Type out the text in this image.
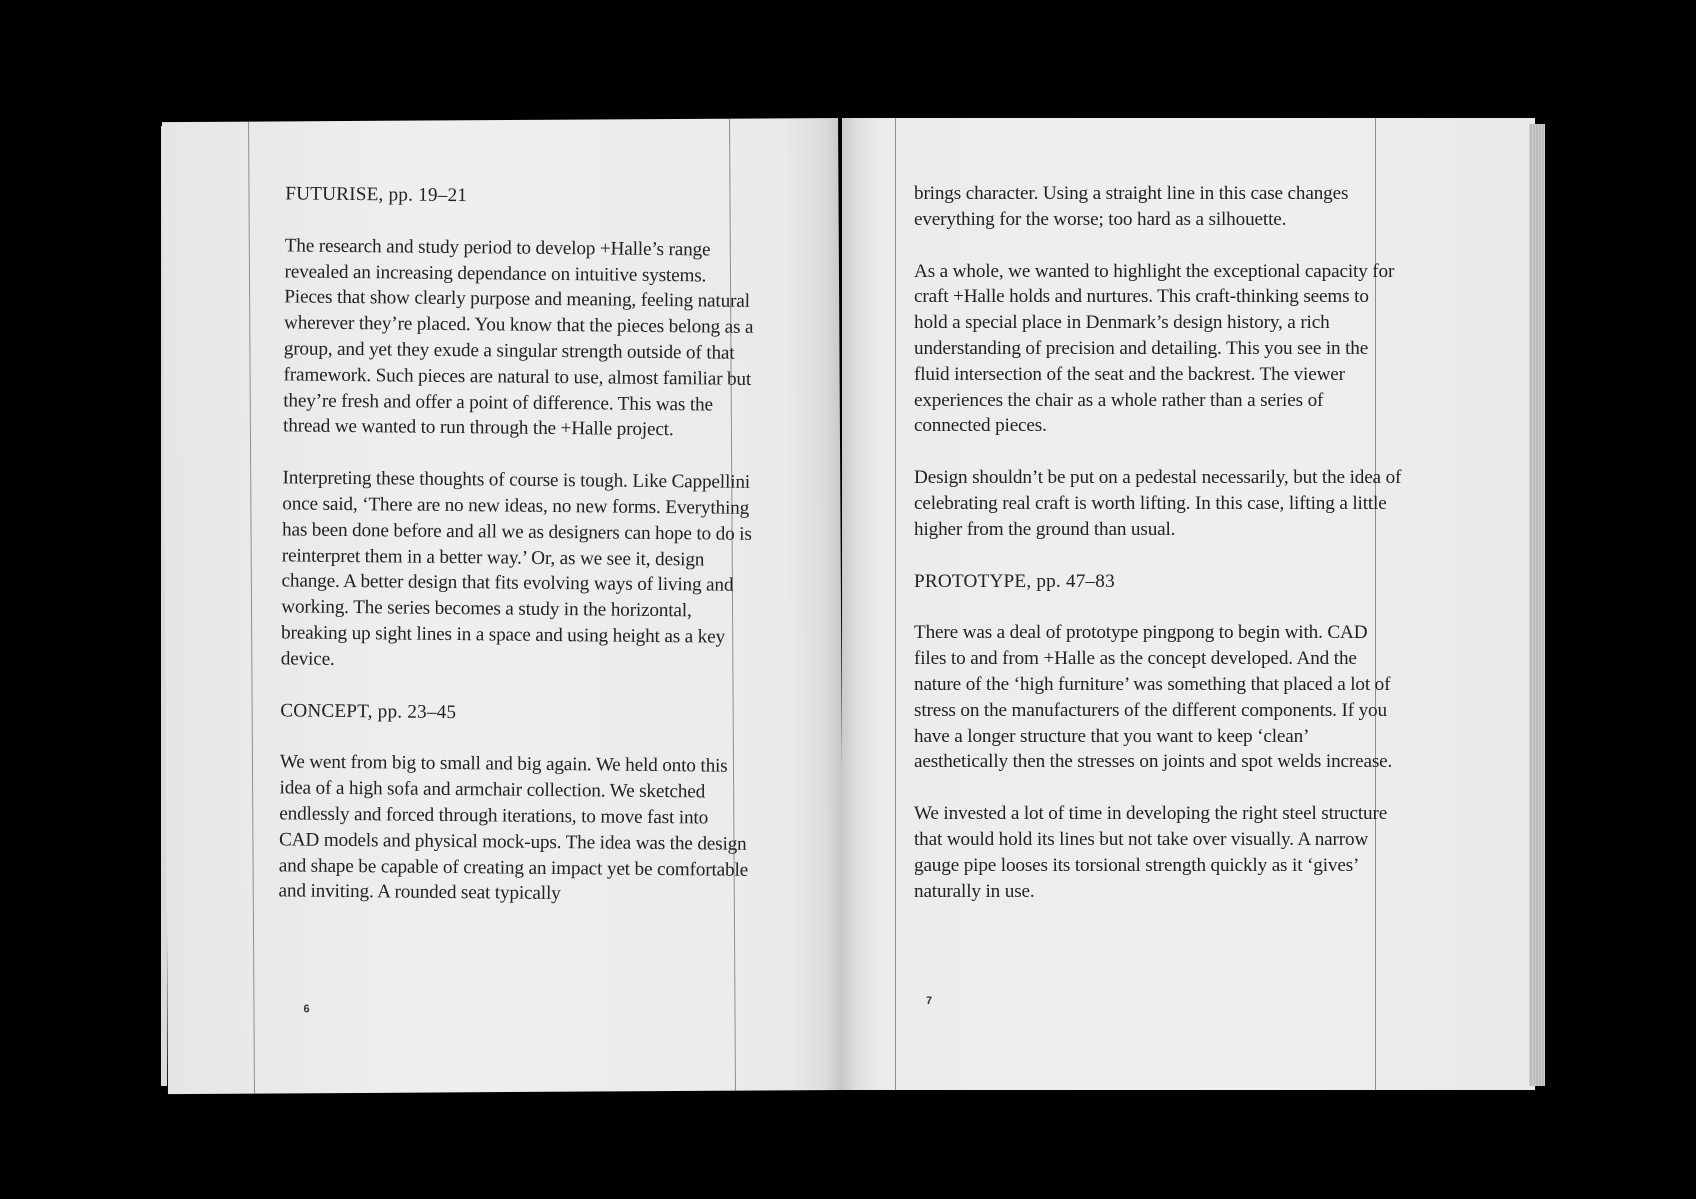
FUTURISE, pp. 19–21

The research and study period to develop +Halle’s range revealed an increasing dependance on intuitive systems. Pieces that show clearly purpose and meaning, feeling natural wherever they’re placed. You know that the pieces belong as a group, and yet they exude a singular strength outside of that framework. Such pieces are natural to use, almost familiar but they’re fresh and offer a point of difference. This was the thread we wanted to run through the +Halle project.

Interpreting these thoughts of course is tough. Like Cappellini once said, ‘There are no new ideas, no new forms. Everything has been done before and all we as designers can hope to do is reinterpret them in a better way.’ Or, as we see it, design change. A better design that fits evolving ways of living and working. The series becomes a study in the horizontal, breaking up sight lines in a space and using height as a key device.

CONCEPT, pp. 23–45

We went from big to small and big again. We held onto this idea of a high sofa and armchair collection. We sketched endlessly and forced through iterations, to move fast into CAD models and physical mock-ups. The idea was the design and shape be capable of creating an impact yet be comfortable and inviting. A rounded seat typically

6

brings character. Using a straight line in this case changes everything for the worse; too hard as a silhouette.

As a whole, we wanted to highlight the exceptional capacity for craft +Halle holds and nurtures. This craft-thinking seems to hold a special place in Denmark’s design history, a rich understanding of precision and detailing. This you see in the fluid intersection of the seat and the backrest. The viewer experiences the chair as a whole rather than a series of connected pieces.

Design shouldn’t be put on a pedestal necessarily, but the idea of celebrating real craft is worth lifting. In this case, lifting a little higher from the ground than usual.

PROTOTYPE, pp. 47–83

There was a deal of prototype pingpong to begin with. CAD files to and from +Halle as the concept developed. And the nature of the ‘high furniture’ was something that placed a lot of stress on the manufacturers of the different components. If you have a longer structure that you want to keep ‘clean’ aesthetically then the stresses on joints and spot welds increase.

We invested a lot of time in developing the right steel structure that would hold its lines but not take over visually. A narrow gauge pipe looses its torsional strength quickly as it ‘gives’ naturally in use.

7
